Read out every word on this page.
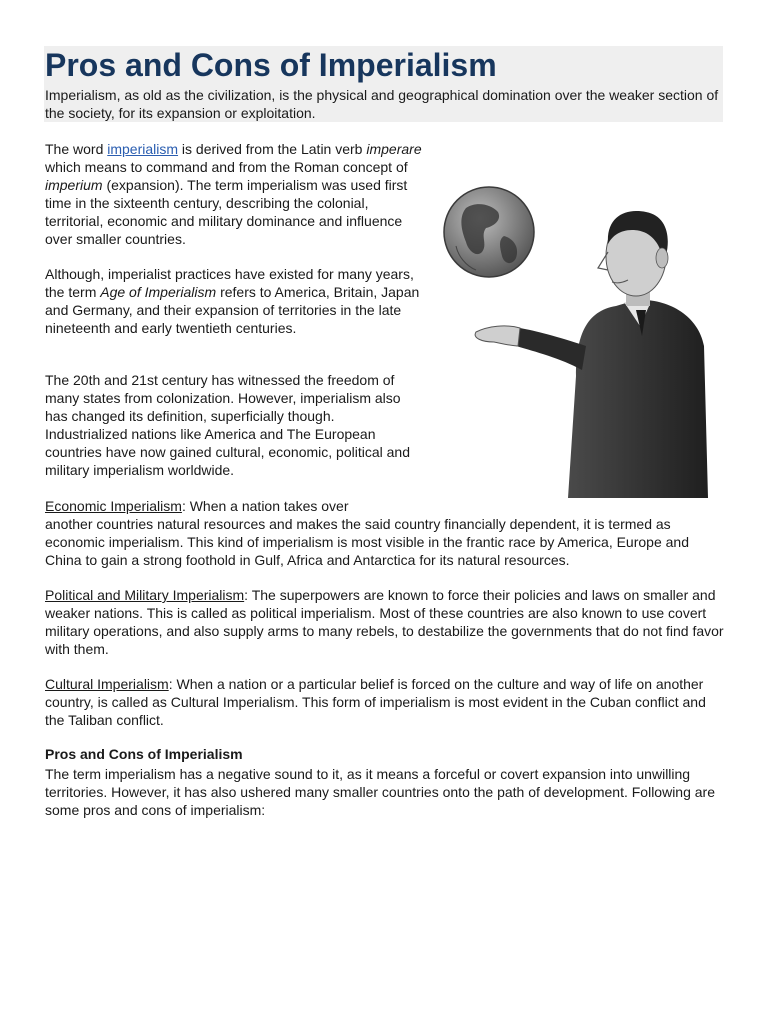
Pros and Cons of Imperialism

Imperialism, as old as the civilization, is the physical and geographical domination over the weaker section of the society, for its expansion or exploitation.

The word imperialism is derived from the Latin verb imperare which means to command and from the Roman concept of imperium (expansion). The term imperialism was used first time in the sixteenth century, describing the colonial, territorial, economic and military dominance and influence over smaller countries.

Although, imperialist practices have existed for many years, the term Age of Imperialism refers to America, Britain, Japan and Germany, and their expansion of territories in the late nineteenth and early twentieth centuries.

The 20th and 21st century has witnessed the freedom of many states from colonization. However, imperialism also has changed its definition, superficially though. Industrialized nations like America and The European countries have now gained cultural, economic, political and military imperialism worldwide.

Economic Imperialism: When a nation takes over
another countries natural resources and makes the said country financially dependent, it is termed as economic imperialism. This kind of imperialism is most visible in the frantic race by America, Europe and China to gain a strong foothold in Gulf, Africa and Antarctica for its natural resources.

Political and Military Imperialism: The superpowers are known to force their policies and laws on smaller and weaker nations. This is called as political imperialism. Most of these countries are also known to use covert military operations, and also supply arms to many rebels, to destabilize the governments that do not find favor with them.

Cultural Imperialism: When a nation or a particular belief is forced on the culture and way of life on another country, is called as Cultural Imperialism. This form of imperialism is most evident in the Cuban conflict and the Taliban conflict.

Pros and Cons of Imperialism

The term imperialism has a negative sound to it, as it means a forceful or covert expansion into unwilling territories. However, it has also ushered many smaller countries onto the path of development. Following are some pros and cons of imperialism:
